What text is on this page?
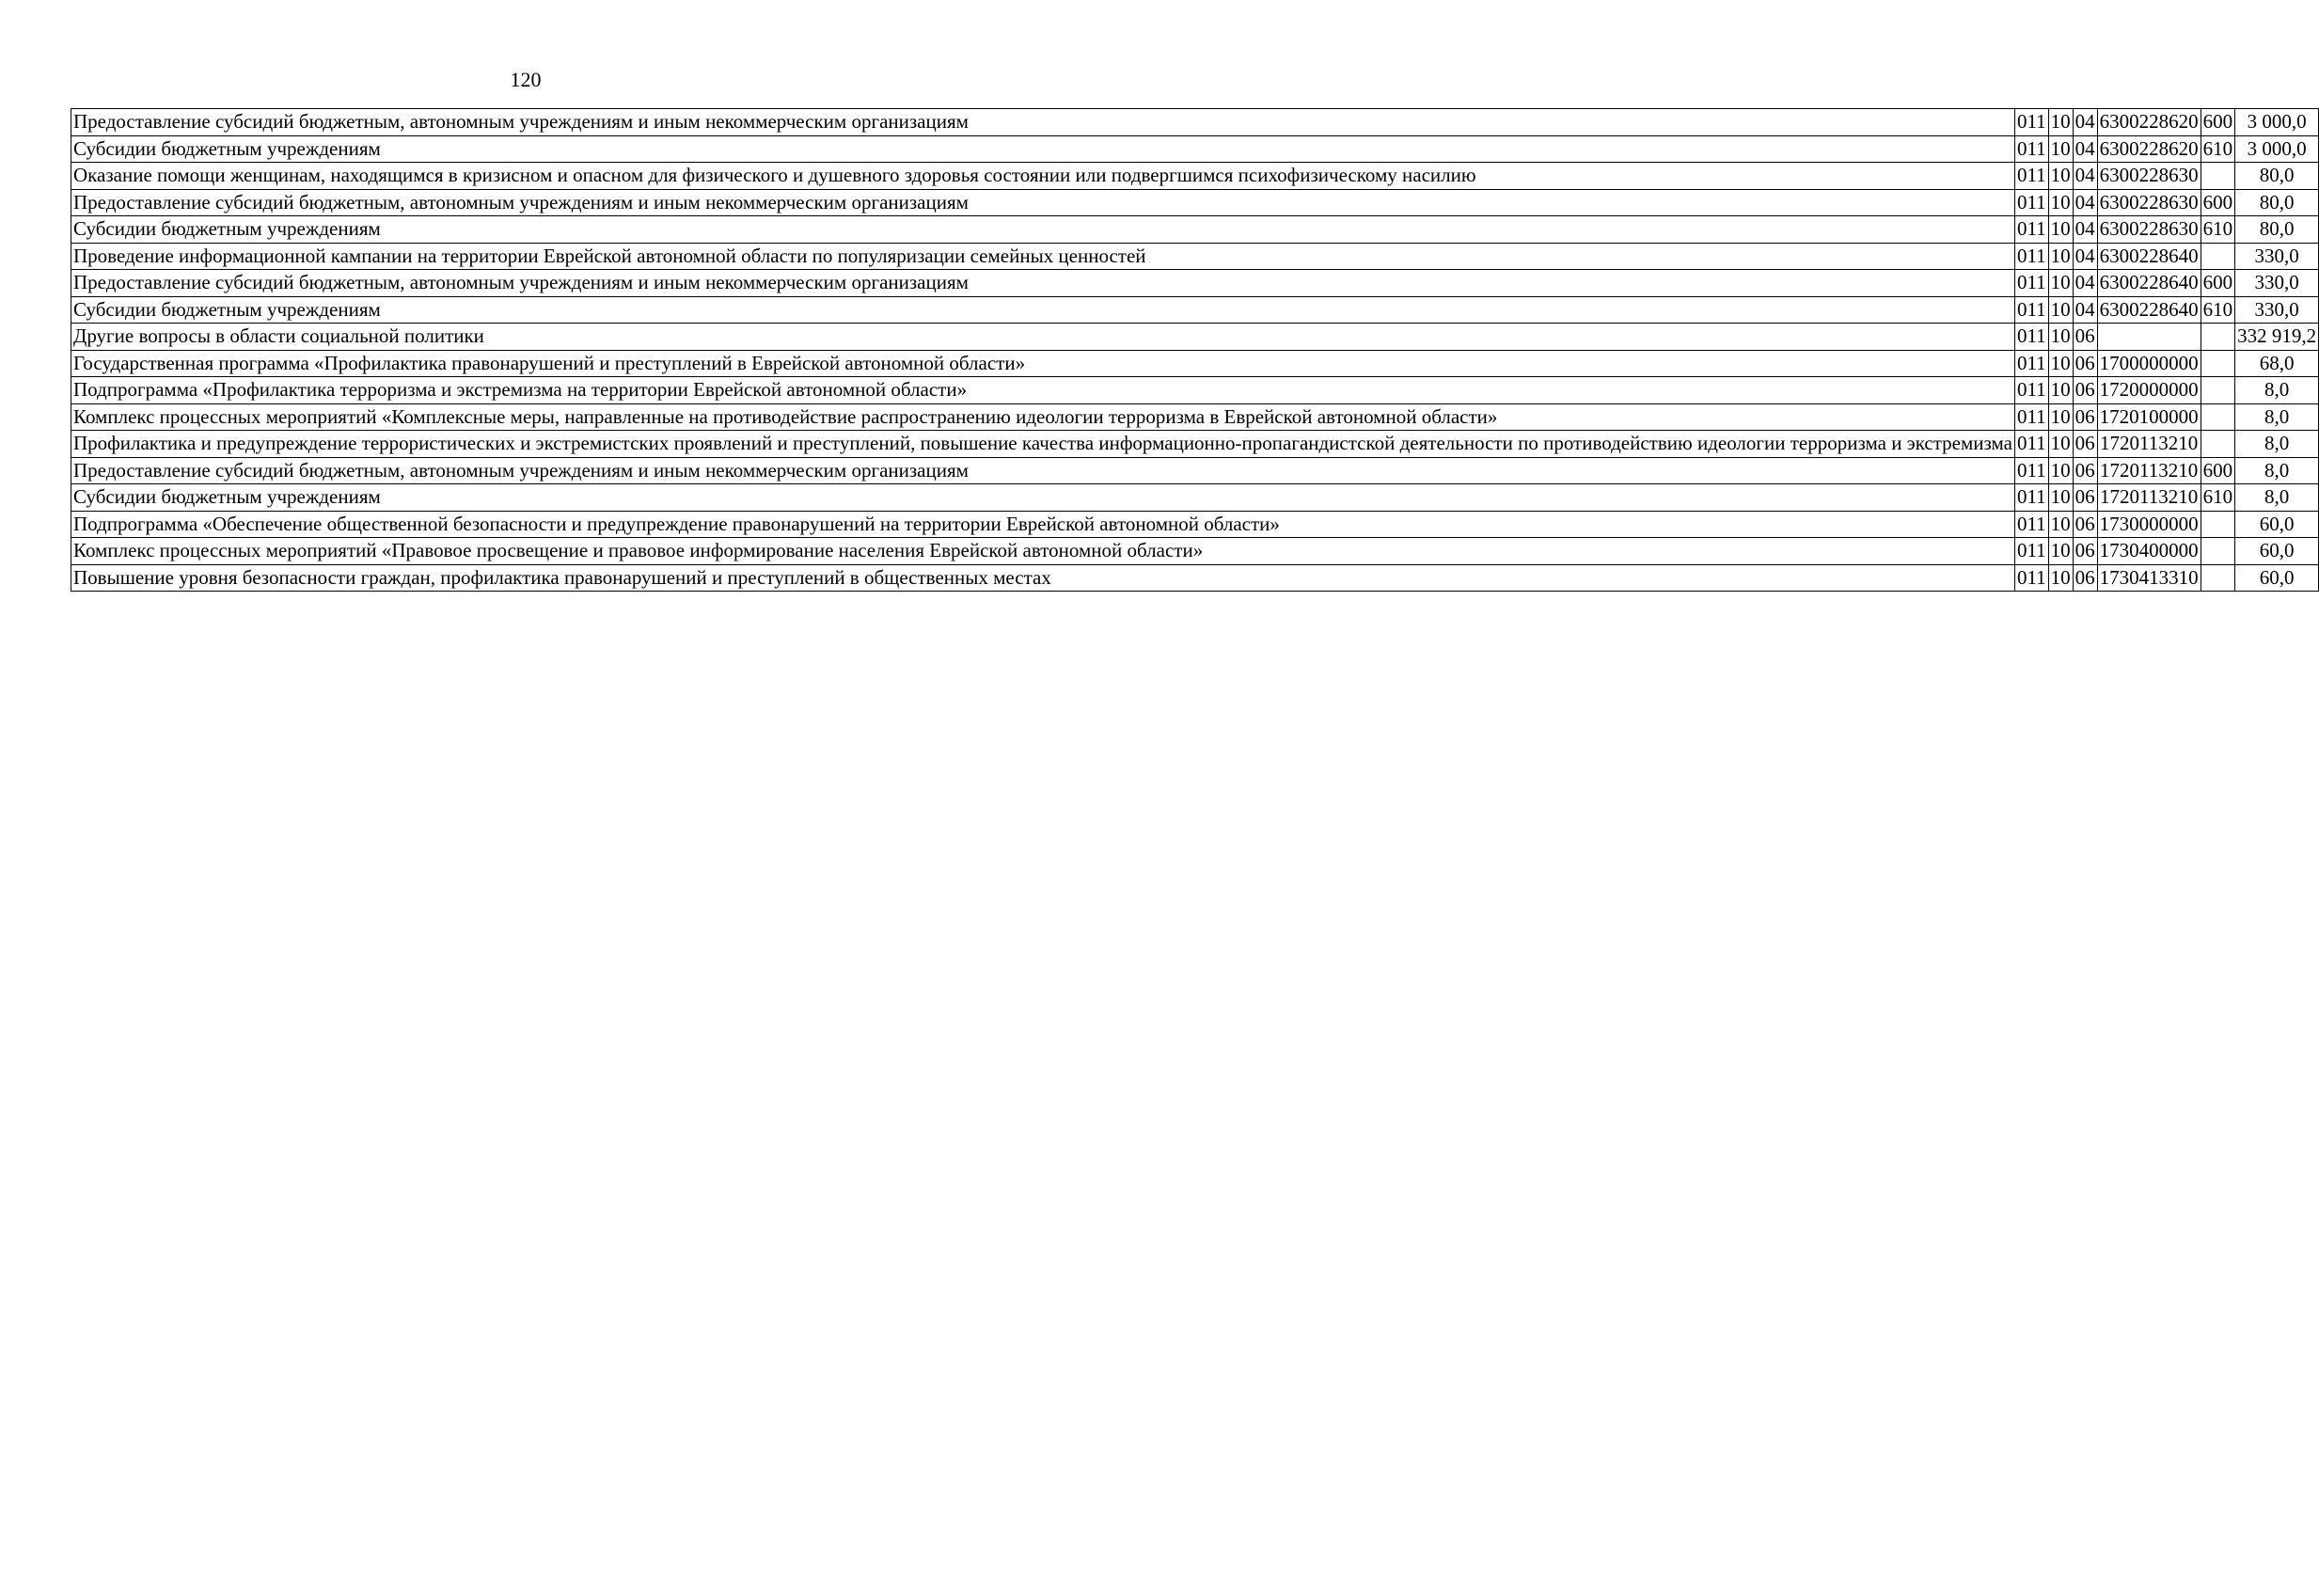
120
Предоставление субсидий бюджетным, автономным учреждениям и иным некоммерческим организациям	011	10	04	6300228620	600	3 000,0
Субсидии бюджетным учреждениям	011	10	04	6300228620	610	3 000,0
Оказание помощи женщинам, находящимся в кризисном и опасном для физического и душевного здоровья состоянии или подвергшимся психофизическому насилию	011	10	04	6300228630		80,0
Предоставление субсидий бюджетным, автономным учреждениям и иным некоммерческим организациям	011	10	04	6300228630	600	80,0
Субсидии бюджетным учреждениям	011	10	04	6300228630	610	80,0
Проведение информационной кампании на территории Еврейской автономной области по популяризации семейных ценностей	011	10	04	6300228640		330,0
Предоставление субсидий бюджетным, автономным учреждениям и иным некоммерческим организациям	011	10	04	6300228640	600	330,0
Субсидии бюджетным учреждениям	011	10	04	6300228640	610	330,0
Другие вопросы в области социальной политики	011	10	06			332 919,2
Государственная программа «Профилактика правонарушений и преступлений в Еврейской автономной области»	011	10	06	1700000000		68,0
Подпрограмма «Профилактика терроризма и экстремизма на территории Еврейской автономной области»	011	10	06	1720000000		8,0
Комплекс процессных мероприятий «Комплексные меры, направленные на противодействие распространению идеологии терроризма в Еврейской автономной области»	011	10	06	1720100000		8,0
Профилактика и предупреждение террористических и экстремистских проявлений и преступлений, повышение качества информационно-пропагандистской деятельности по противодействию идеологии терроризма и экстремизма	011	10	06	1720113210		8,0
Предоставление субсидий бюджетным, автономным учреждениям и иным некоммерческим организациям	011	10	06	1720113210	600	8,0
Субсидии бюджетным учреждениям	011	10	06	1720113210	610	8,0
Подпрограмма «Обеспечение общественной безопасности и предупреждение правонарушений на территории Еврейской автономной области»	011	10	06	1730000000		60,0
Комплекс процессных мероприятий «Правовое просвещение и правовое информирование населения Еврейской автономной области»	011	10	06	1730400000		60,0
Повышение уровня безопасности граждан, профилактика правонарушений и преступлений в общественных местах	011	10	06	1730413310		60,0
